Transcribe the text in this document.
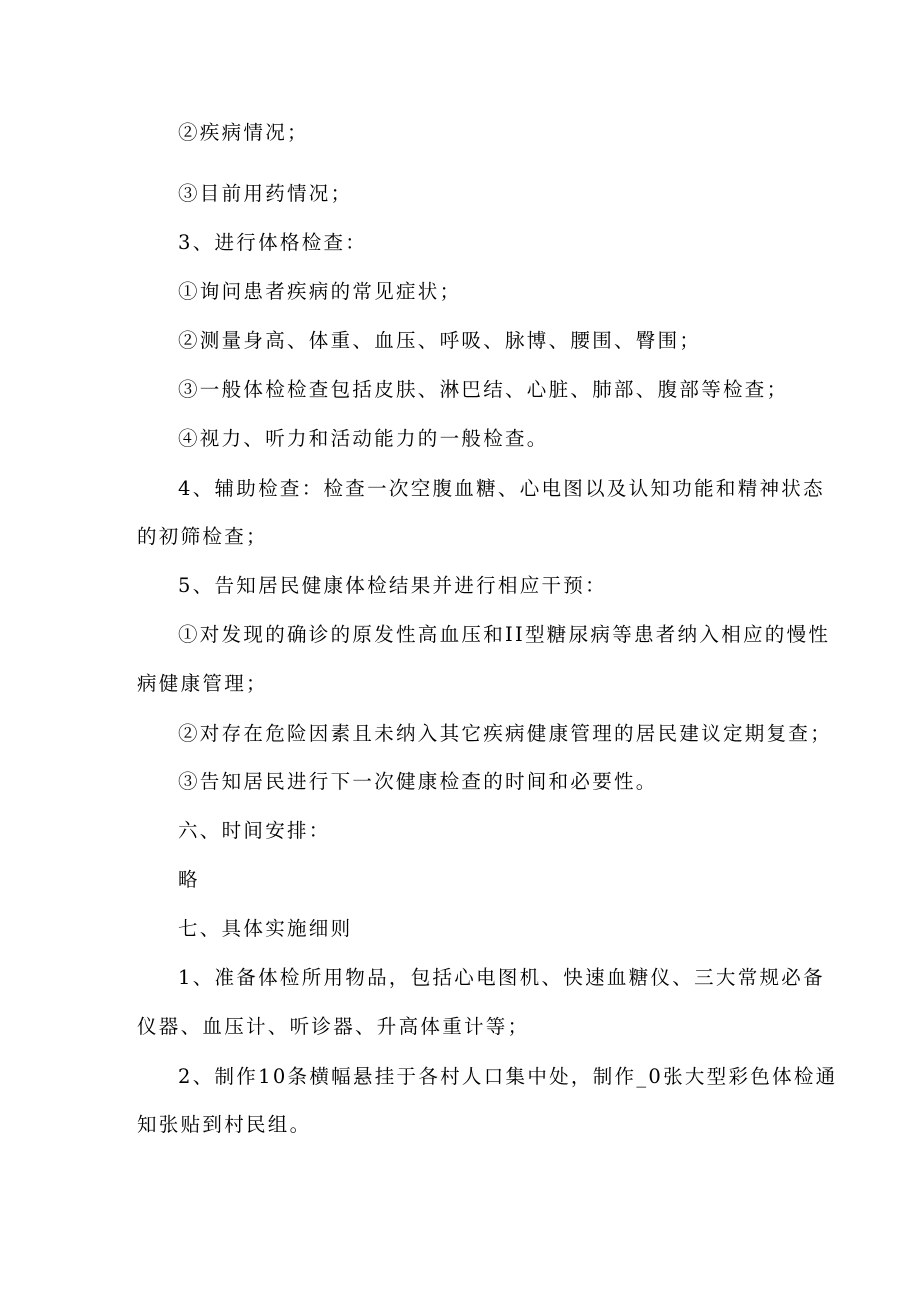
②疾病情况；
③目前用药情况；
3、进行体格检查：
①询问患者疾病的常见症状；
②测量身高、体重、血压、呼吸、脉博、腰围、臀围；
③一般体检检查包括皮肤、淋巴结、心脏、肺部、腹部等检查；
④视力、听力和活动能力的一般检查。
4、辅助检查：检查一次空腹血糖、心电图以及认知功能和精神状态
的初筛检查；
5、告知居民健康体检结果并进行相应干预：
①对发现的确诊的原发性高血压和II型糖尿病等患者纳入相应的慢性
病健康管理；
②对存在危险因素且未纳入其它疾病健康管理的居民建议定期复查；
③告知居民进行下一次健康检查的时间和必要性。
六、时间安排：
略
七、具体实施细则
1、准备体检所用物品，包括心电图机、快速血糖仪、三大常规必备
仪器、血压计、听诊器、升高体重计等；
2、制作10条横幅悬挂于各村人口集中处，制作_0张大型彩色体检通
知张贴到村民组。
